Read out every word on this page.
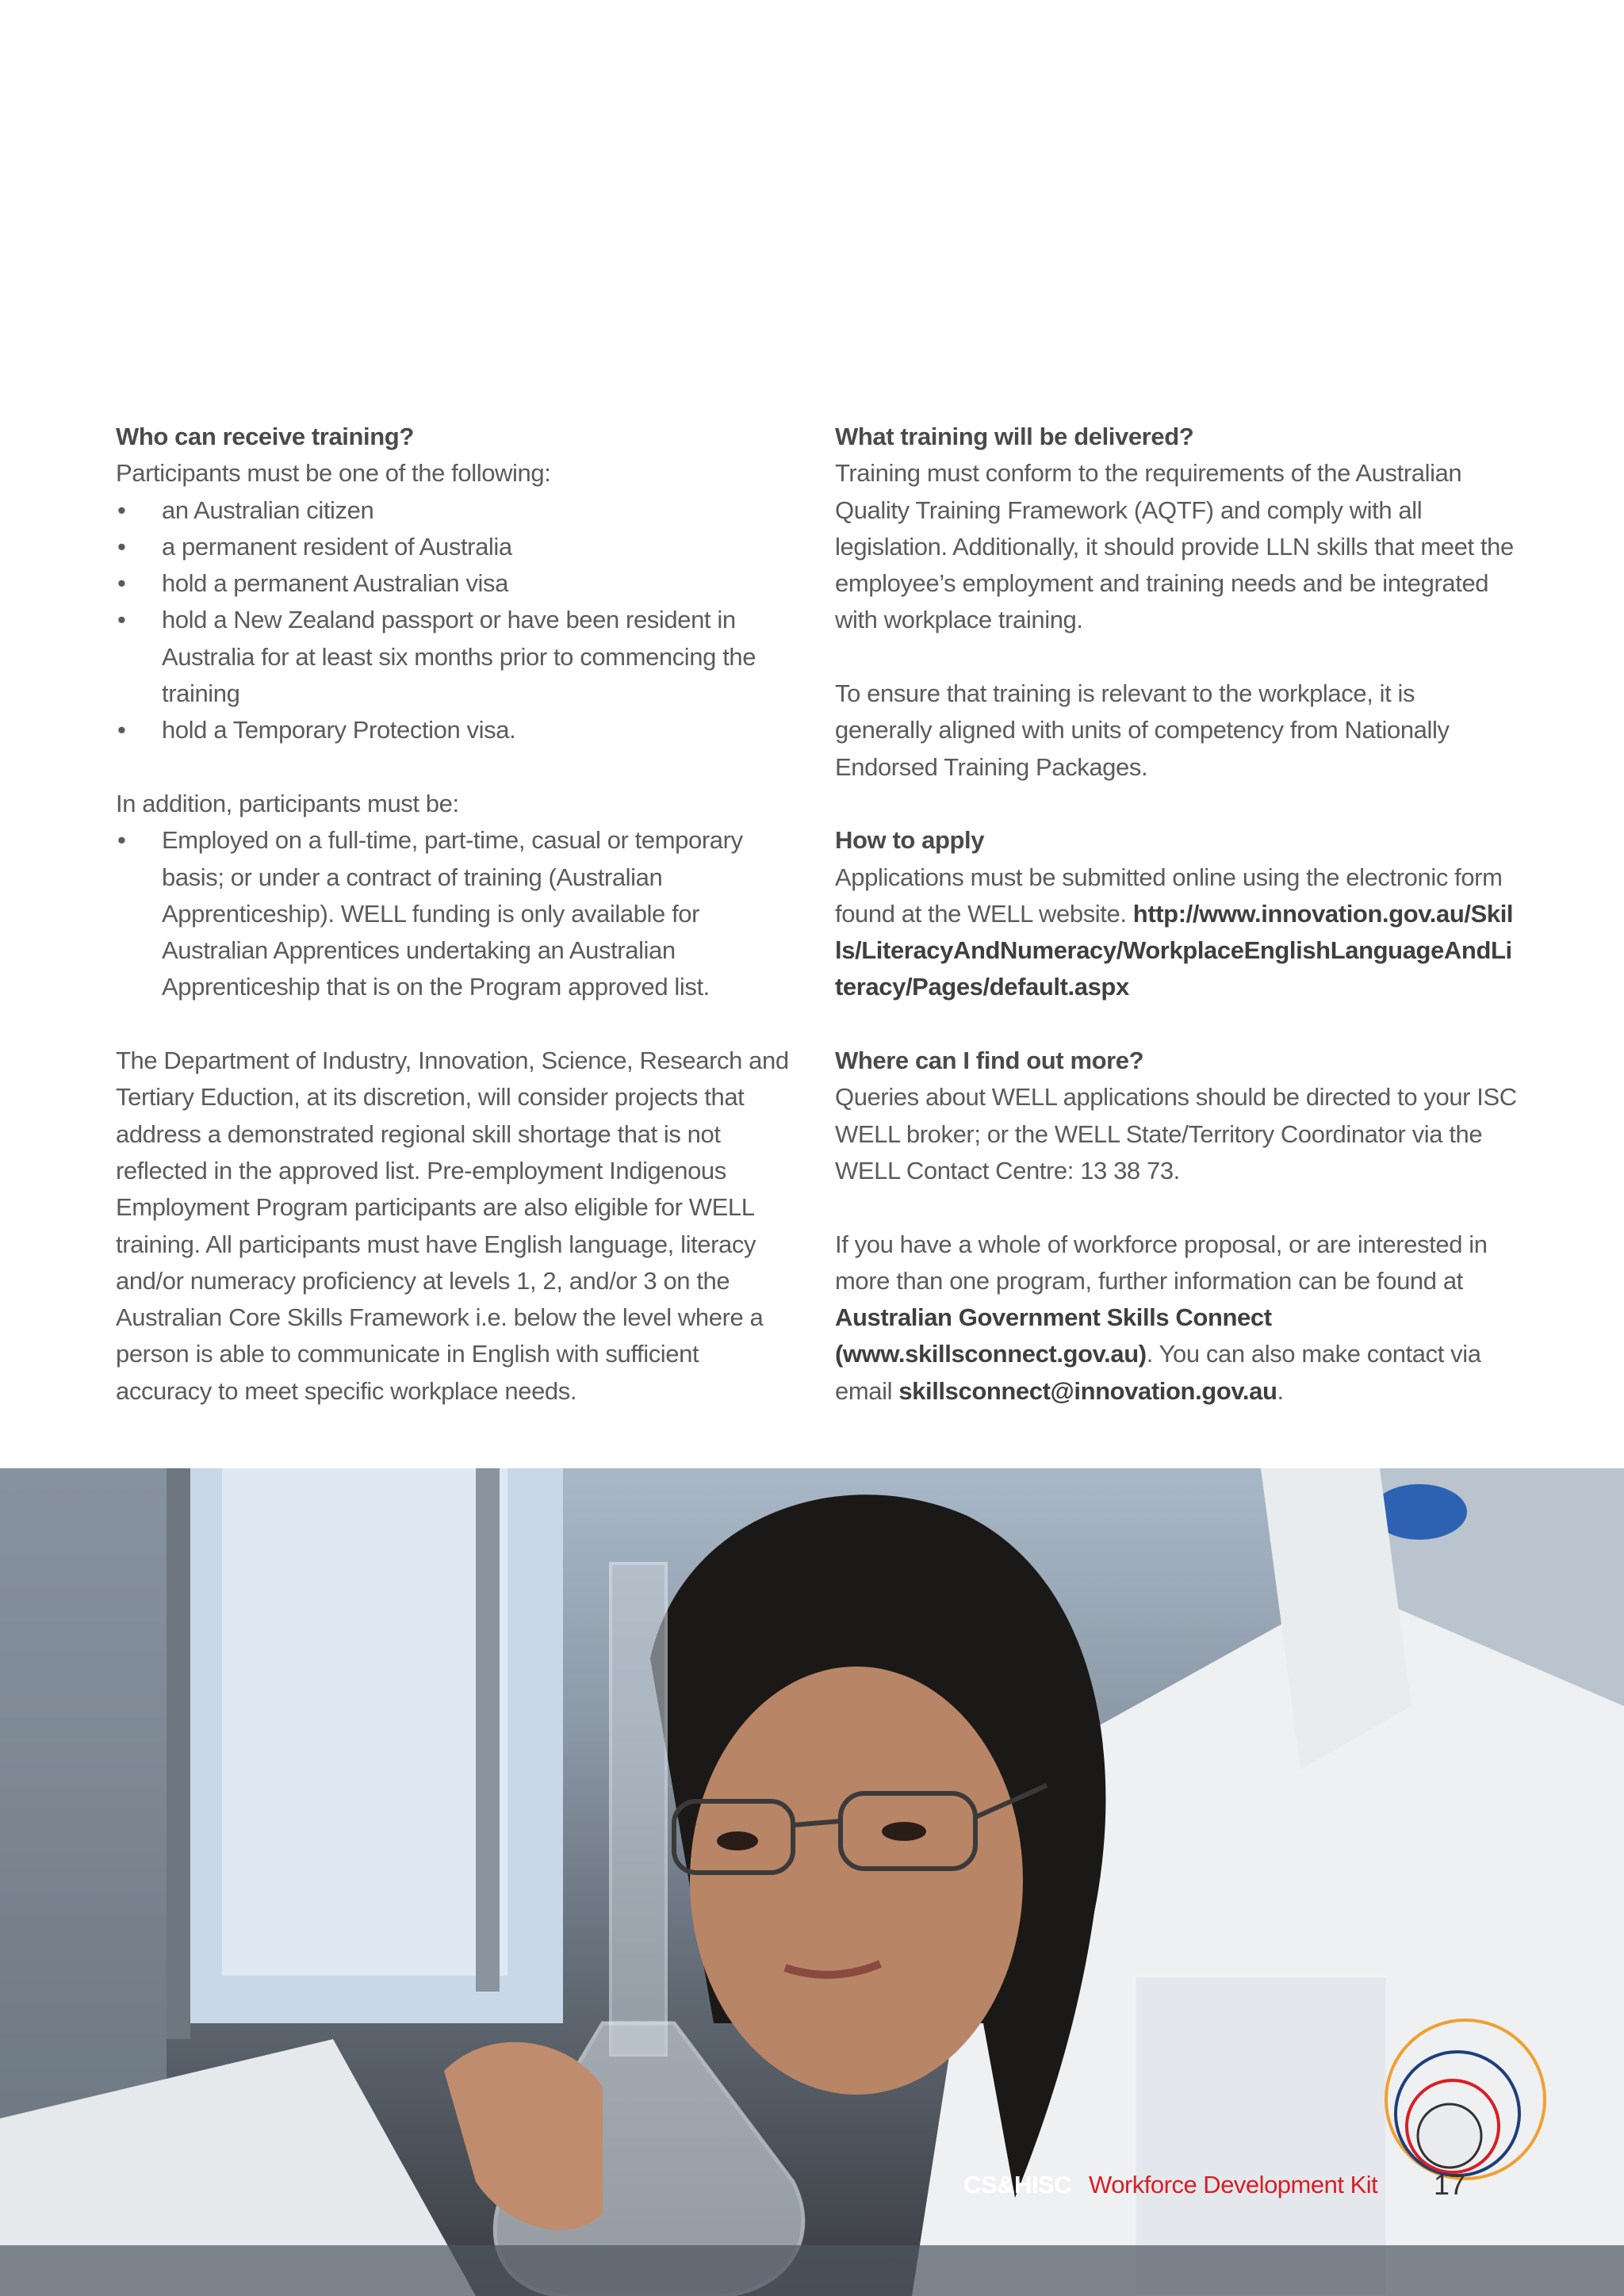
Who can receive training?

Participants must be one of the following:

• an Australian citizen
• a permanent resident of Australia
• hold a permanent Australian visa
• hold a New Zealand passport or have been resident in Australia for at least six months prior to commencing the training
• hold a Temporary Protection visa.

In addition, participants must be:

• Employed on a full-time, part-time, casual or temporary basis; or under a contract of training (Australian Apprenticeship). WELL funding is only available for Australian Apprentices undertaking an Australian Apprenticeship that is on the Program approved list.

The Department of Industry, Innovation, Science, Research and Tertiary Eduction, at its discretion, will consider projects that address a demonstrated regional skill shortage that is not reflected in the approved list. Pre-employment Indigenous Employment Program participants are also eligible for WELL training. All participants must have English language, literacy and/or numeracy proficiency at levels 1, 2, and/or 3 on the Australian Core Skills Framework i.e. below the level where a person is able to communicate in English with sufficient accuracy to meet specific workplace needs.

What training will be delivered?

Training must conform to the requirements of the Australian Quality Training Framework (AQTF) and comply with all legislation. Additionally, it should provide LLN skills that meet the employee’s employment and training needs and be integrated with workplace training.

To ensure that training is relevant to the workplace, it is generally aligned with units of competency from Nationally Endorsed Training Packages.

How to apply

Applications must be submitted online using the electronic form found at the WELL website. http://www.innovation.gov.au/Skills/LiteracyAndNumeracy/WorkplaceEnglishLanguageAndLiteracy/Pages/default.aspx

Where can I find out more?

Queries about WELL applications should be directed to your ISC WELL broker; or the WELL State/Territory Coordinator via the WELL Contact Centre: 13 38 73.

If you have a whole of workforce proposal, or are interested in more than one program, further information can be found at Australian Government Skills Connect (www.skillsconnect.gov.au). You can also make contact via email skillsconnect@innovation.gov.au.

CS&HISC Workforce Development Kit	17
